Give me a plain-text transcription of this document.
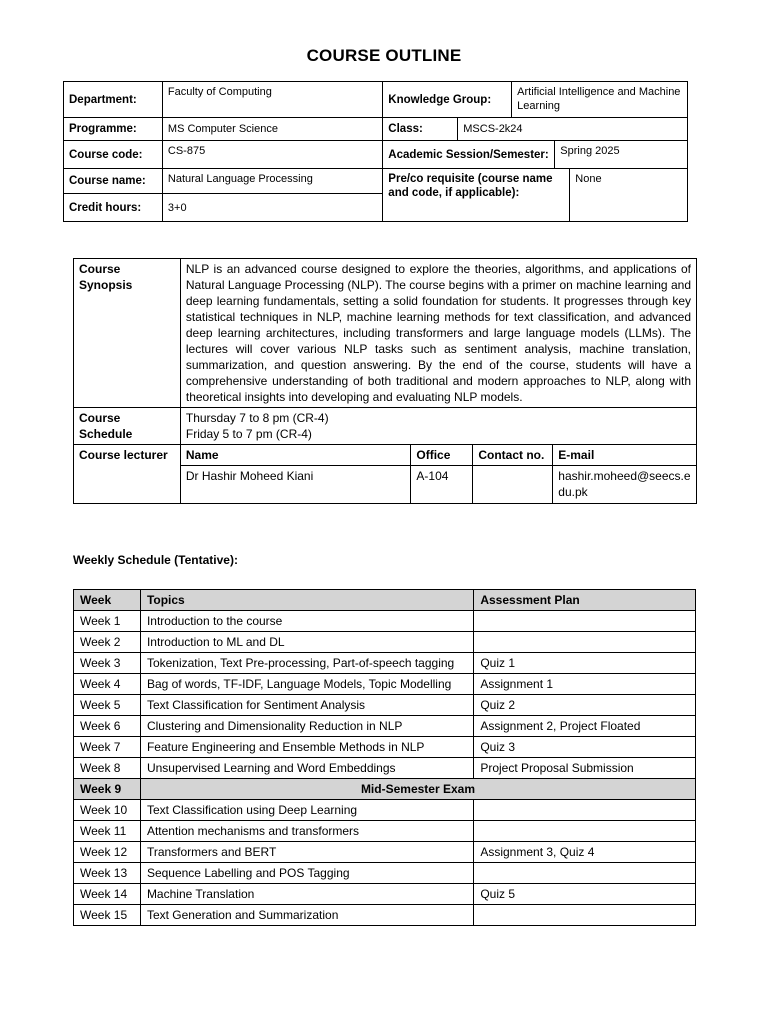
COURSE OUTLINE
Department:	Faculty of Computing	Knowledge Group:		Artificial Intelligence and Machine Learning
Programme:	MS Computer Science	Class:	MSCS-2k24	
Course code:	CS-875	Academic Session/Semester: Spring 2025		

Course name:	Natural Language Processing	Pre/co requisite (course name and code, if applicable):
None		

Credit hours:	3+0			
Course Synopsis	NLP is an advanced course designed to explore the theories, algorithms, and applications of Natural Language Processing (NLP). The course begins with a primer on machine learning and deep learning fundamentals, setting a solid foundation for students. It progresses through key statistical techniques in NLP, machine learning methods for text classification, and advanced deep learning architectures, including transformers and large language models (LLMs). The lectures will cover various NLP tasks such as sentiment analysis, machine translation, summarization, and question answering. By the end of the course, students will have a comprehensive understanding of both traditional and modern approaches to NLP, along with theoretical insights into developing and evaluating NLP models.			
Course Schedule	Thursday 7 to 8 pm (CR-4)
Friday 5 to 7 pm (CR-4)			

Course lecturer	Name	Office	Contact no.	E-mail
	Dr Hashir Moheed Kiani	A-104		hashir.moheed@seecs.edu.pk
Weekly Schedule (Tentative):
Week	Topics	Assessment Plan
Week 1	Introduction to the course	
Week 2	Introduction to ML and DL	
Week 3	Tokenization, Text Pre-processing, Part-of-speech tagging	Quiz 1
Week 4	Bag of words, TF-IDF, Language Models, Topic Modelling	Assignment 1
Week 5	Text Classification for Sentiment Analysis	Quiz 2
Week 6	Clustering and Dimensionality Reduction in NLP	Assignment 2, Project Floated
Week 7	Feature Engineering and Ensemble Methods in NLP	Quiz 3
Week 8	Unsupervised Learning and Word Embeddings	Project Proposal Submission
Week 9	Mid-Semester Exam	
Week 10	Text Classification using Deep Learning	
Week 11	Attention mechanisms and transformers	
Week 12	Transformers and BERT	Assignment 3, Quiz 4
Week 13	Sequence Labelling and POS Tagging	
Week 14	Machine Translation	Quiz 5
Week 15	Text Generation and Summarization	
